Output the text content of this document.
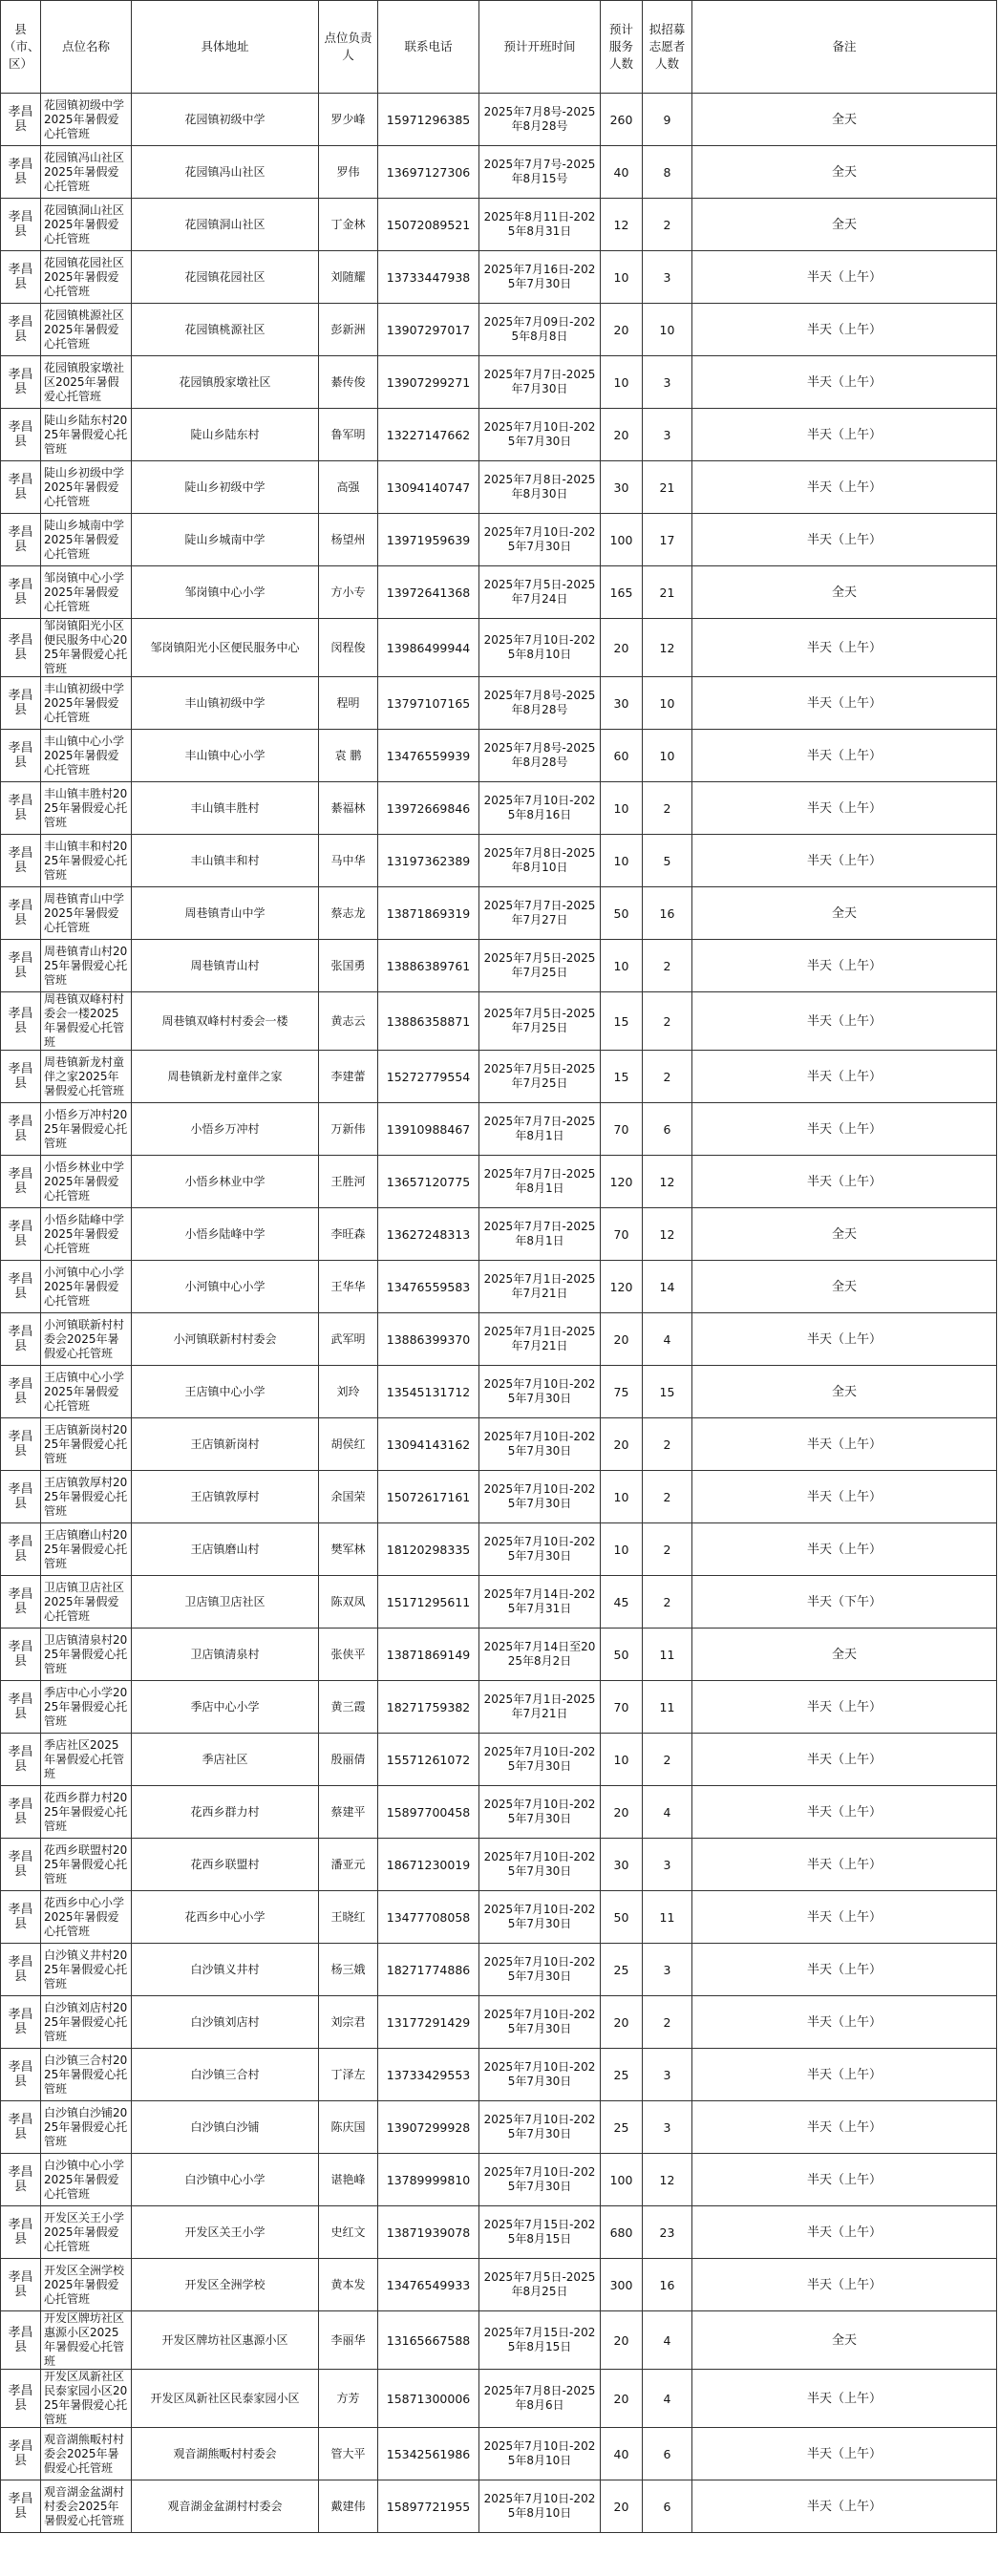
县（市、区）	点位名称	具体地址	点位负责人	联系电话	预计开班时间	预计服务人数	拟招募志愿者人数	备注
孝昌县	花园镇初级中学2025年暑假爱心托管班	花园镇初级中学	罗少峰	15971296385	2025年7月8号-2025年8月28号	260	9	全天
孝昌县	花园镇冯山社区2025年暑假爱心托管班	花园镇冯山社区	罗伟	13697127306	2025年7月7号-2025年8月15号	40	8	全天
孝昌县	花园镇洞山社区2025年暑假爱心托管班	花园镇洞山社区	丁金林	15072089521	2025年8月11日-2025年8月31日	12	2	全天
孝昌县	花园镇花园社区2025年暑假爱心托管班	花园镇花园社区	刘随耀	13733447938	2025年7月16日-2025年7月30日	10	3	半天（上午）
孝昌县	花园镇桃源社区2025年暑假爱心托管班	花园镇桃源社区	彭新洲	13907297017	2025年7月09日-2025年8月8日	20	10	半天（上午）
孝昌县	花园镇殷家墩社区2025年暑假爱心托管班	花园镇殷家墩社区	綦传俊	13907299271	2025年7月7日-2025年7月30日	10	3	半天（上午）
孝昌县	陡山乡陆东村2025年暑假爱心托管班	陡山乡陆东村	鲁军明	13227147662	2025年7月10日-2025年7月30日	20	3	半天（上午）
孝昌县	陡山乡初级中学2025年暑假爱心托管班	陡山乡初级中学	高强	13094140747	2025年7月8日-2025年8月30日	30	21	半天（上午）
孝昌县	陡山乡城南中学2025年暑假爱心托管班	陡山乡城南中学	杨望州	13971959639	2025年7月10日-2025年7月30日	100	17	半天（上午）
孝昌县	邹岗镇中心小学2025年暑假爱心托管班	邹岗镇中心小学	方小专	13972641368	2025年7月5日-2025年7月24日	165	21	全天
孝昌县	邹岗镇阳光小区便民服务中心2025年暑假爱心托管班	邹岗镇阳光小区便民服务中心	闵程俊	13986499944	2025年7月10日-2025年8月10日	20	12	半天（上午）
孝昌县	丰山镇初级中学2025年暑假爱心托管班	丰山镇初级中学	程明	13797107165	2025年7月8号-2025年8月28号	30	10	半天（上午）
孝昌县	丰山镇中心小学2025年暑假爱心托管班	丰山镇中心小学	袁 鹏	13476559939	2025年7月8号-2025年8月28号	60	10	半天（上午）
孝昌县	丰山镇丰胜村2025年暑假爱心托管班	丰山镇丰胜村	綦福林	13972669846	2025年7月10日-2025年8月16日	10	2	半天（上午）
孝昌县	丰山镇丰和村2025年暑假爱心托管班	丰山镇丰和村	马中华	13197362389	2025年7月8日-2025年8月10日	10	5	半天（上午）
孝昌县	周巷镇青山中学2025年暑假爱心托管班	周巷镇青山中学	蔡志龙	13871869319	2025年7月7日-2025年7月27日	50	16	全天
孝昌县	周巷镇青山村2025年暑假爱心托管班	周巷镇青山村	张国勇	13886389761	2025年7月5日-2025年7月25日	10	2	半天（上午）
孝昌县	周巷镇双峰村村委会一楼2025年暑假爱心托管班	周巷镇双峰村村委会一楼	黄志云	13886358871	2025年7月5日-2025年7月25日	15	2	半天（上午）
孝昌县	周巷镇新龙村童伴之家2025年暑假爱心托管班	周巷镇新龙村童伴之家	李建蕾	15272779554	2025年7月5日-2025年7月25日	15	2	半天（上午）
孝昌县	小悟乡万冲村2025年暑假爱心托管班	小悟乡万冲村	万新伟	13910988467	2025年7月7日-2025年8月1日	70	6	半天（上午）
孝昌县	小悟乡林业中学2025年暑假爱心托管班	小悟乡林业中学	王胜河	13657120775	2025年7月7日-2025年8月1日	120	12	半天（上午）
孝昌县	小悟乡陆峰中学2025年暑假爱心托管班	小悟乡陆峰中学	李旺森	13627248313	2025年7月7日-2025年8月1日	70	12	全天
孝昌县	小河镇中心小学2025年暑假爱心托管班	小河镇中心小学	王华华	13476559583	2025年7月1日-2025年7月21日	120	14	全天
孝昌县	小河镇联新村村委会2025年暑假爱心托管班	小河镇联新村村委会	武军明	13886399370	2025年7月1日-2025年7月21日	20	4	半天（上午）
孝昌县	王店镇中心小学2025年暑假爱心托管班	王店镇中心小学	刘玲	13545131712	2025年7月10日-2025年7月30日	75	15	全天
孝昌县	王店镇新岗村2025年暑假爱心托管班	王店镇新岗村	胡侯红	13094143162	2025年7月10日-2025年7月30日	20	2	半天（上午）
孝昌县	王店镇敦厚村2025年暑假爱心托管班	王店镇敦厚村	余国荣	15072617161	2025年7月10日-2025年7月30日	10	2	半天（上午）
孝昌县	王店镇磨山村2025年暑假爱心托管班	王店镇磨山村	樊军林	18120298335	2025年7月10日-2025年7月30日	10	2	半天（上午）
孝昌县	卫店镇卫店社区2025年暑假爱心托管班	卫店镇卫店社区	陈双凤	15171295611	2025年7月14日-2025年7月31日	45	2	半天（下午）
孝昌县	卫店镇清泉村2025年暑假爱心托管班	卫店镇清泉村	张侠平	13871869149	2025年7月14日至2025年8月2日	50	11	全天
孝昌县	季店中心小学2025年暑假爱心托管班	季店中心小学	黄三霞	18271759382	2025年7月1日-2025年7月21日	70	11	半天（上午）
孝昌县	季店社区2025年暑假爱心托管班	季店社区	殷丽倩	15571261072	2025年7月10日-2025年7月30日	10	2	半天（上午）
孝昌县	花西乡群力村2025年暑假爱心托管班	花西乡群力村	蔡建平	15897700458	2025年7月10日-2025年7月30日	20	4	半天（上午）
孝昌县	花西乡联盟村2025年暑假爱心托管班	花西乡联盟村	潘亚元	18671230019	2025年7月10日-2025年7月30日	30	3	半天（上午）
孝昌县	花西乡中心小学2025年暑假爱心托管班	花西乡中心小学	王晓红	13477708058	2025年7月10日-2025年7月30日	50	11	半天（上午）
孝昌县	白沙镇义井村2025年暑假爱心托管班	白沙镇义井村	杨三娥	18271774886	2025年7月10日-2025年7月30日	25	3	半天（上午）
孝昌县	白沙镇刘店村2025年暑假爱心托管班	白沙镇刘店村	刘宗君	13177291429	2025年7月10日-2025年7月30日	20	2	半天（上午）
孝昌县	白沙镇三合村2025年暑假爱心托管班	白沙镇三合村	丁泽左	13733429553	2025年7月10日-2025年7月30日	25	3	半天（上午）
孝昌县	白沙镇白沙铺2025年暑假爱心托管班	白沙镇白沙铺	陈庆国	13907299928	2025年7月10日-2025年7月30日	25	3	半天（上午）
孝昌县	白沙镇中心小学2025年暑假爱心托管班	白沙镇中心小学	谌艳峰	13789999810	2025年7月10日-2025年7月30日	100	12	半天（上午）
孝昌县	开发区关王小学2025年暑假爱心托管班	开发区关王小学	史红文	13871939078	2025年7月15日-2025年8月15日	680	23	半天（上午）
孝昌县	开发区全洲学校2025年暑假爱心托管班	开发区全洲学校	黄本发	13476549933	2025年7月5日-2025年8月25日	300	16	半天（上午）
孝昌县	开发区牌坊社区惠源小区2025年暑假爱心托管班	开发区牌坊社区惠源小区	李丽华	13165667588	2025年7月15日-2025年8月15日	20	4	全天
孝昌县	开发区凤新社区民泰家园小区2025年暑假爱心托管班	开发区凤新社区民泰家园小区	方芳	15871300006	2025年7月8日-2025年8月6日	20	4	半天（上午）
孝昌县	观音湖熊畈村村委会2025年暑假爱心托管班	观音湖熊畈村村委会	管大平	15342561986	2025年7月10日-2025年8月10日	40	6	半天（上午）
孝昌县	观音湖金盆湖村村委会2025年暑假爱心托管班	观音湖金盆湖村村委会	戴建伟	15897721955	2025年7月10日-2025年8月10日	20	6	半天（上午）
